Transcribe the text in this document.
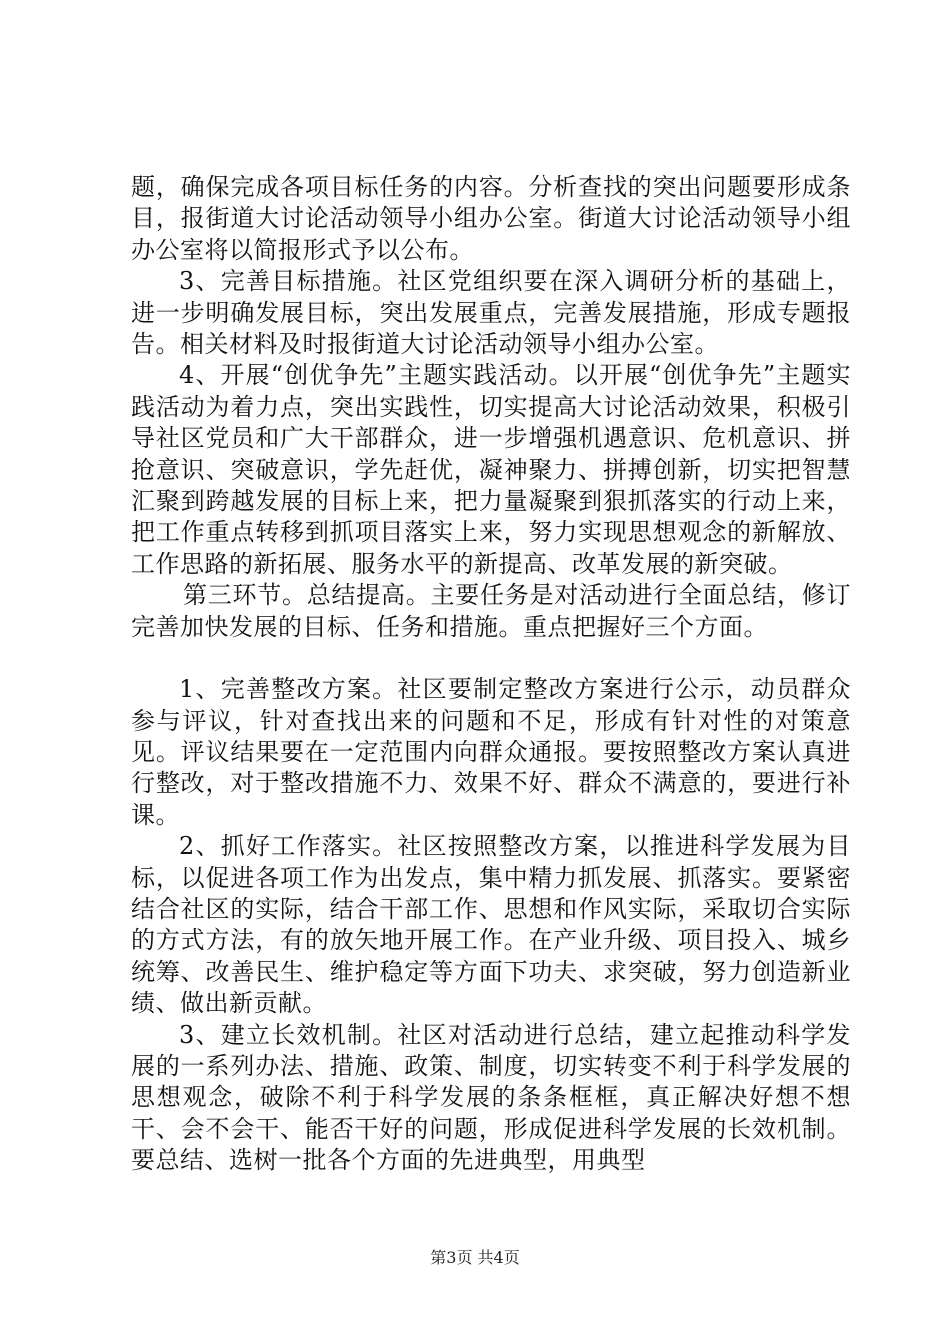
题，确保完成各项目标任务的内容。分析查找的突出问题要形成条目，报街道大讨论活动领导小组办公室。街道大讨论活动领导小组办公室将以简报形式予以公布。

3、完善目标措施。社区党组织要在深入调研分析的基础上，进一步明确发展目标，突出发展重点，完善发展措施，形成专题报告。相关材料及时报街道大讨论活动领导小组办公室。

4、开展“创优争先”主题实践活动。以开展“创优争先”主题实践活动为着力点，突出实践性，切实提高大讨论活动效果，积极引导社区党员和广大干部群众，进一步增强机遇意识、危机意识、拼抢意识、突破意识，学先赶优，凝神聚力、拼搏创新，切实把智慧汇聚到跨越发展的目标上来，把力量凝聚到狠抓落实的行动上来，把工作重点转移到抓项目落实上来，努力实现思想观念的新解放、工作思路的新拓展、服务水平的新提高、改革发展的新突破。

第三环节。总结提高。主要任务是对活动进行全面总结，修订完善加快发展的目标、任务和措施。重点把握好三个方面。

1、完善整改方案。社区要制定整改方案进行公示，动员群众参与评议，针对查找出来的问题和不足，形成有针对性的对策意见。评议结果要在一定范围内向群众通报。要按照整改方案认真进行整改，对于整改措施不力、效果不好、群众不满意的，要进行补课。

2、抓好工作落实。社区按照整改方案，以推进科学发展为目标，以促进各项工作为出发点，集中精力抓发展、抓落实。要紧密结合社区的实际，结合干部工作、思想和作风实际，采取切合实际的方式方法，有的放矢地开展工作。在产业升级、项目投入、城乡统筹、改善民生、维护稳定等方面下功夫、求突破，努力创造新业绩、做出新贡献。

3、建立长效机制。社区对活动进行总结，建立起推动科学发展的一系列办法、措施、政策、制度，切实转变不利于科学发展的思想观念，破除不利于科学发展的条条框框，真正解决好想不想干、会不会干、能否干好的问题，形成促进科学发展的长效机制。要总结、选树一批各个方面的先进典型，用典型

第3页 共4页
